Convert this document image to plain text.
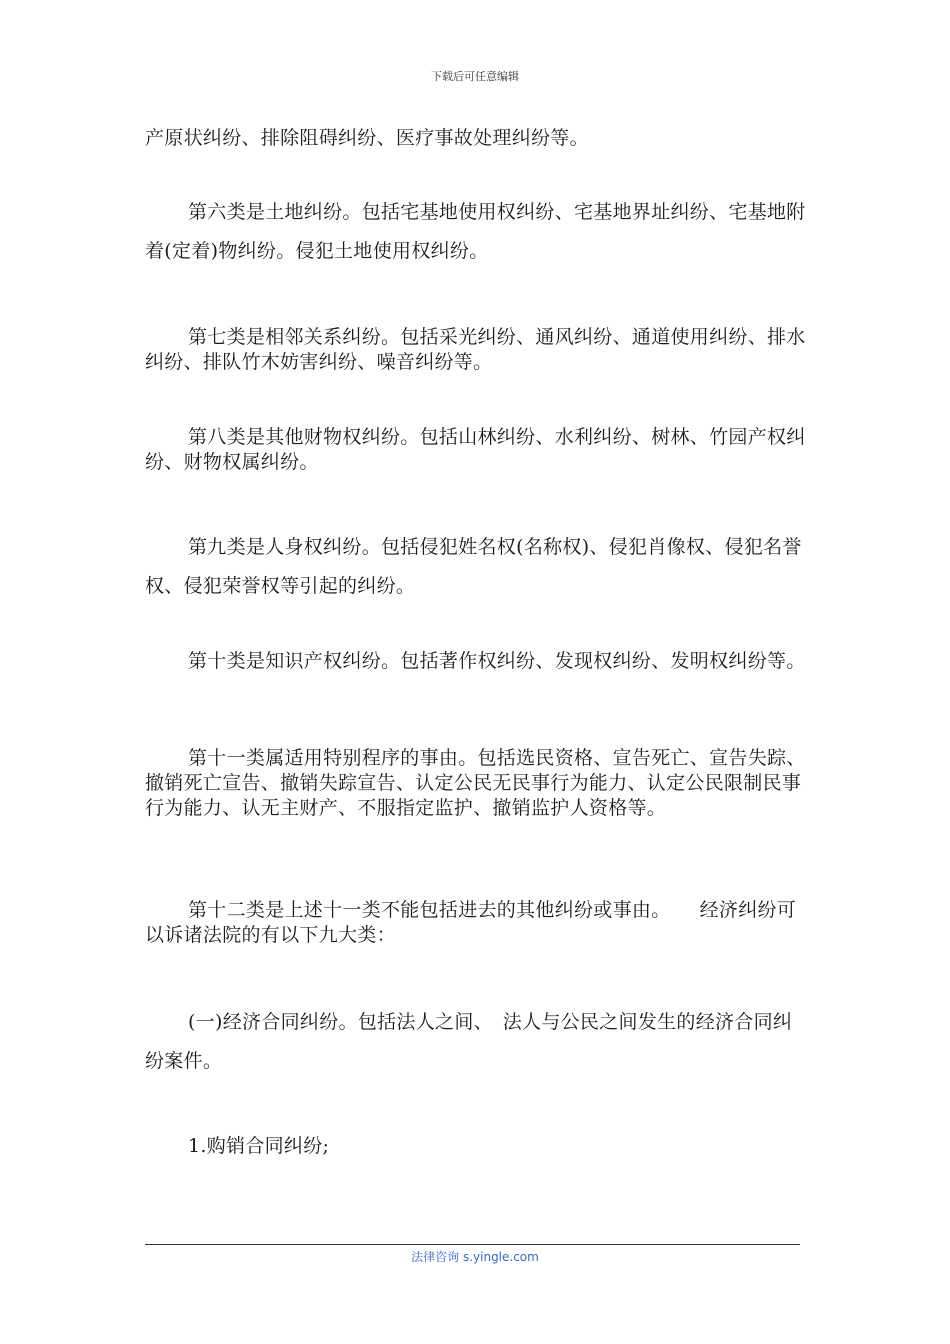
下载后可任意编辑

产原状纠纷、排除阻碍纠纷、医疗事故处理纠纷等。

第六类是土地纠纷。包括宅基地使用权纠纷、宅基地界址纠纷、宅基地附着(定着)物纠纷。侵犯土地使用权纠纷。

第七类是相邻关系纠纷。包括采光纠纷、通风纠纷、通道使用纠纷、排水纠纷、排队竹木妨害纠纷、噪音纠纷等。

第八类是其他财物权纠纷。包括山林纠纷、水利纠纷、树林、竹园产权纠纷、财物权属纠纷。

第九类是人身权纠纷。包括侵犯姓名权(名称权)、侵犯肖像权、侵犯名誉权、侵犯荣誉权等引起的纠纷。

第十类是知识产权纠纷。包括著作权纠纷、发现权纠纷、发明权纠纷等。

第十一类属适用特别程序的事由。包括选民资格、宣告死亡、宣告失踪、撤销死亡宣告、撤销失踪宣告、认定公民无民事行为能力、认定公民限制民事行为能力、认无主财产、不服指定监护、撤销监护人资格等。

第十二类是上述十一类不能包括进去的其他纠纷或事由。　　经济纠纷可以诉诸法院的有以下九大类：

(一)经济合同纠纷。包括法人之间、　法人与公民之间发生的经济合同纠纷案件。

1.购销合同纠纷;

法律咨询 s.yingle.com
